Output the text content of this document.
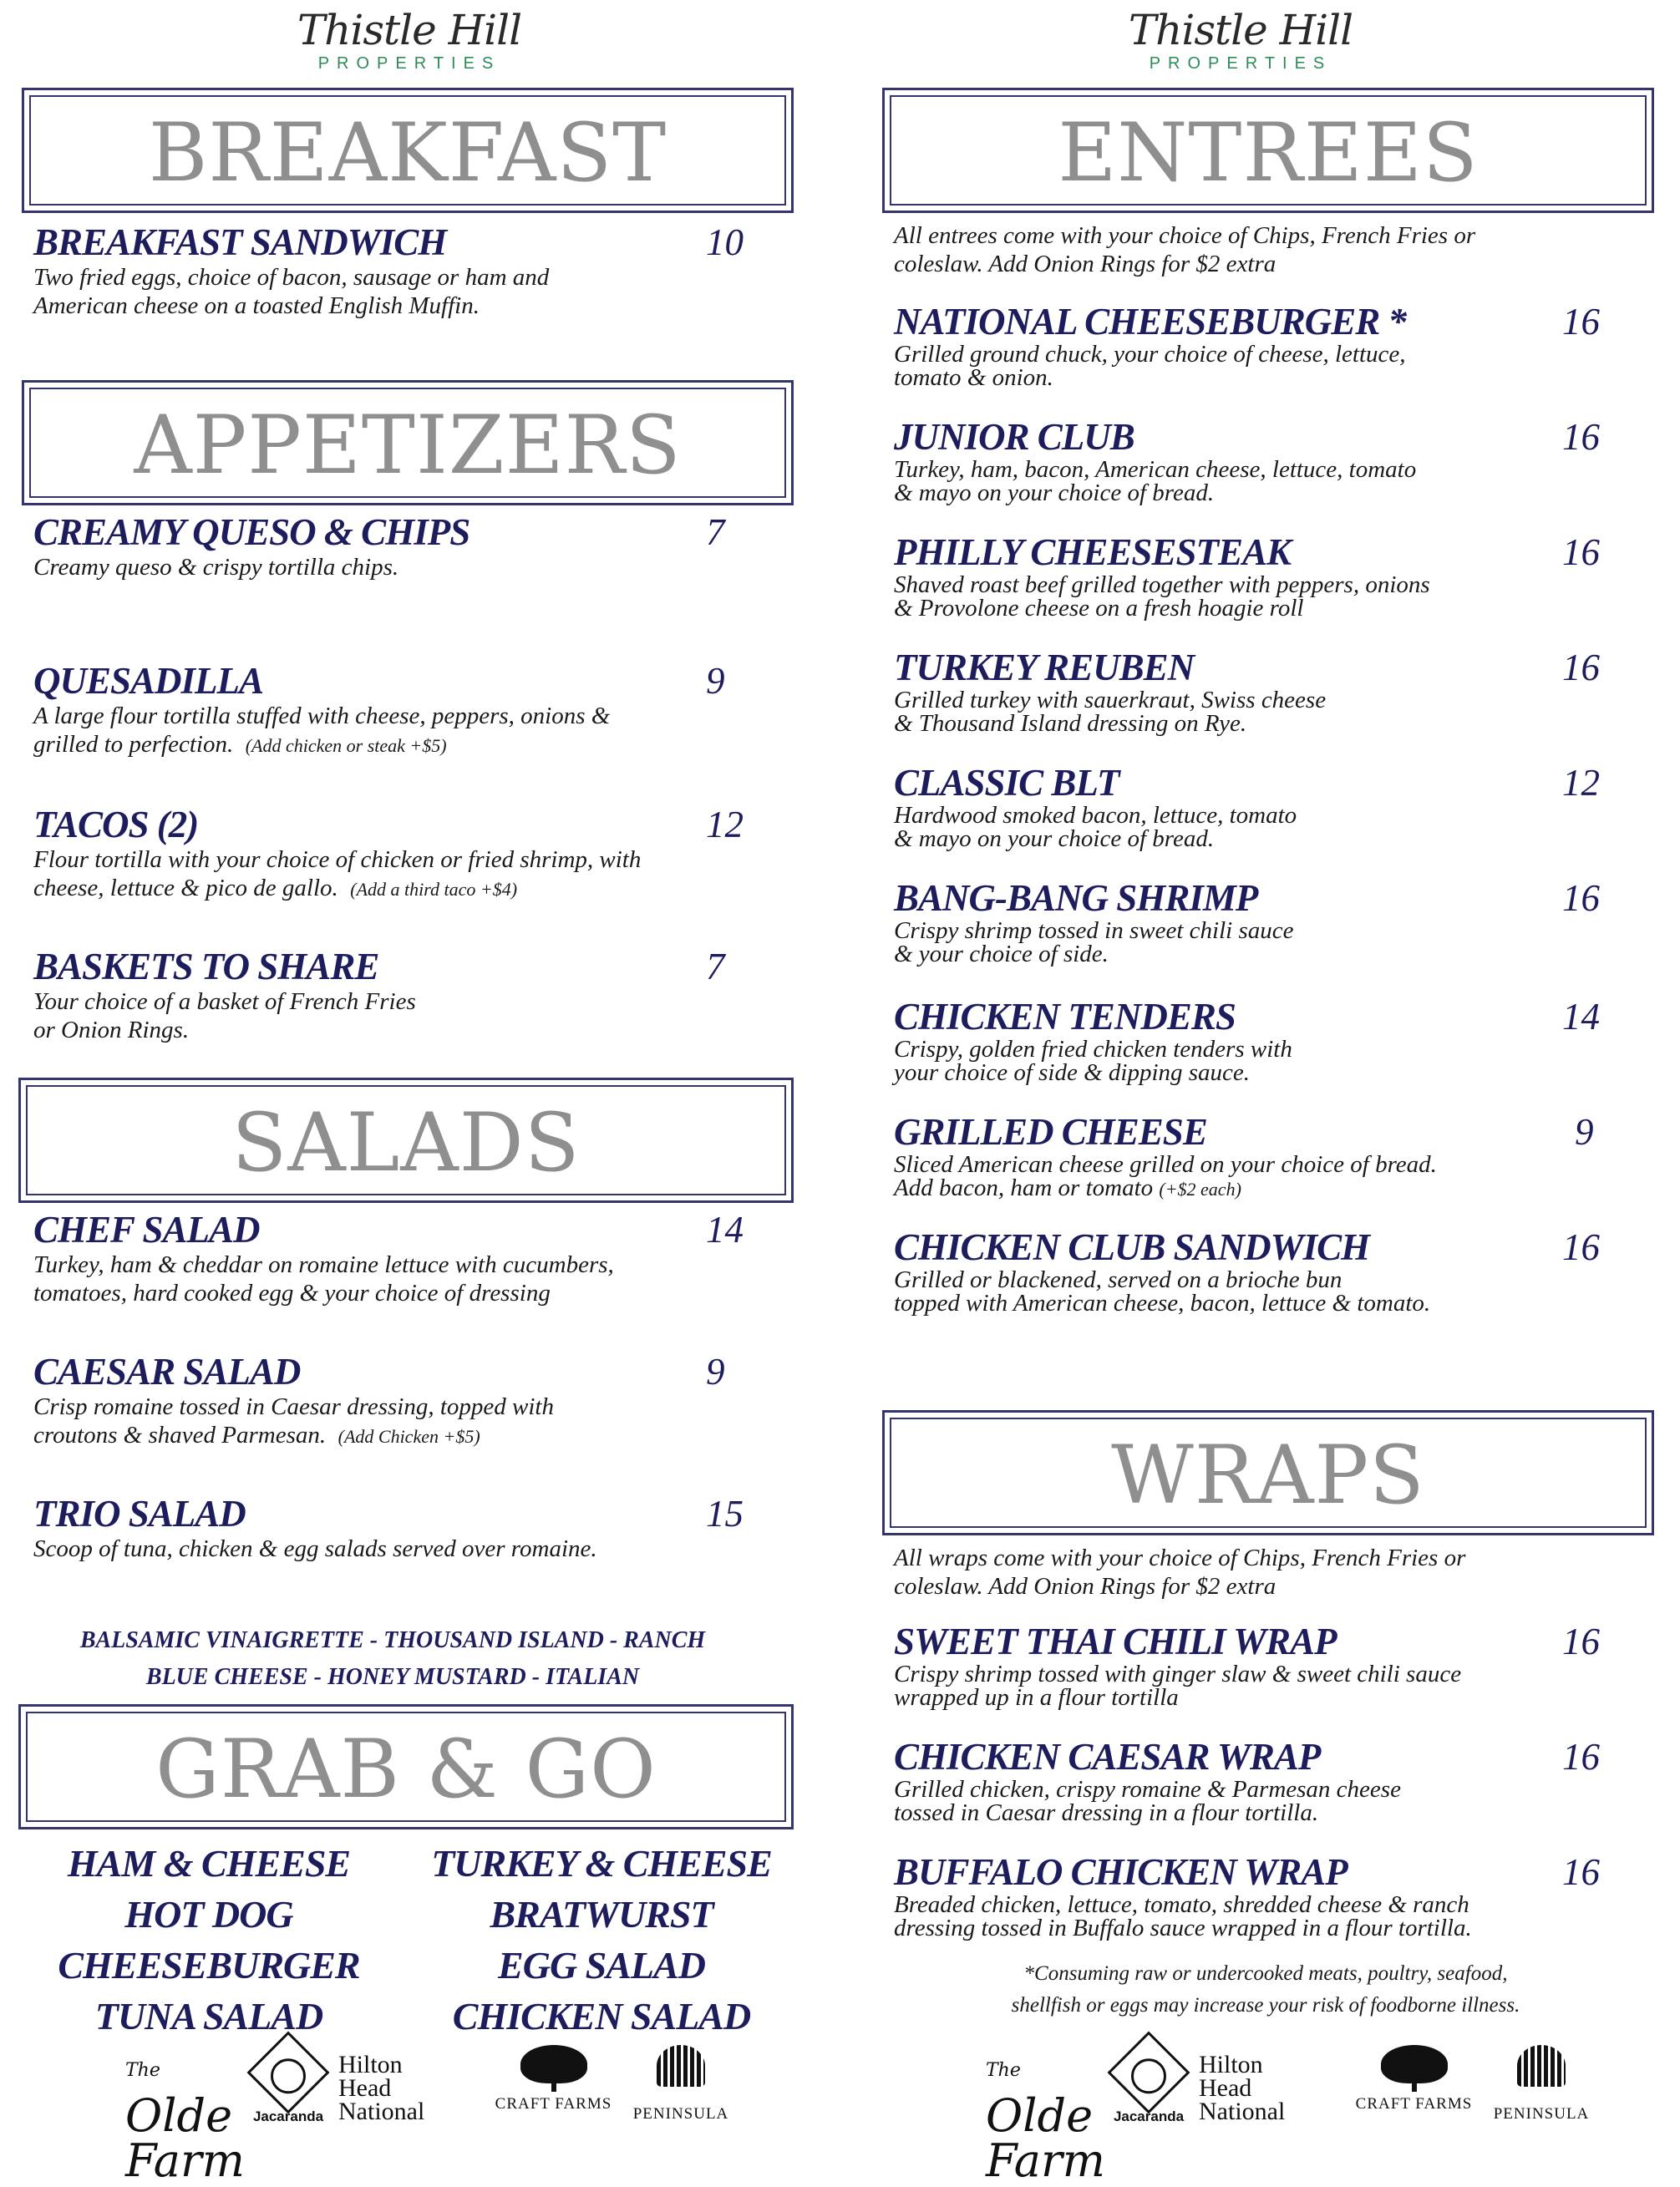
Thistle Hill
PROPERTIES
BREAKFAST
BREAKFAST SANDWICH	10
Two fried eggs, choice of bacon, sausage or ham and
American cheese on a toasted English Muffin.
APPETIZERS
CREAMY QUESO & CHIPS	7
Creamy queso & crispy tortilla chips.
QUESADILLA	9
A large flour tortilla stuffed with cheese, peppers, onions &
grilled to perfection. (Add chicken or steak +$5)
TACOS (2)	12
Flour tortilla with your choice of chicken or fried shrimp, with
cheese, lettuce & pico de gallo. (Add a third taco +$4)
BASKETS TO SHARE	7
Your choice of a basket of French Fries
or Onion Rings.
SALADS
CHEF SALAD	14
Turkey, ham & cheddar on romaine lettuce with cucumbers,
tomatoes, hard cooked egg & your choice of dressing
CAESAR SALAD	9
Crisp romaine tossed in Caesar dressing, topped with
croutons & shaved Parmesan. (Add Chicken +$5)
TRIO SALAD	15
Scoop of tuna, chicken & egg salads served over romaine.
BALSAMIC VINAIGRETTE - THOUSAND ISLAND - RANCH
BLUE CHEESE - HONEY MUSTARD - ITALIAN
GRAB & GO
HAM & CHEESE
HOT DOG
CHEESEBURGER
TUNA SALAD
TURKEY & CHEESE
BRATWURST
EGG SALAD
CHICKEN SALAD
The Olde Farm
Jacaranda
Hilton Head
National	CRAFT FARMS
PENINSULA
Thistle Hill
PROPERTIES
ENTREES
All entrees come with your choice of Chips, French Fries or
coleslaw. Add Onion Rings for $2 extra
NATIONAL CHEESEBURGER *	16
Grilled ground chuck, your choice of cheese, lettuce,
tomato & onion.
JUNIOR CLUB	16
Turkey, ham, bacon, American cheese, lettuce, tomato
& mayo on your choice of bread.
PHILLY CHEESESTEAK	16
Shaved roast beef grilled together with peppers, onions
& Provolone cheese on a fresh hoagie roll
TURKEY REUBEN	16
Grilled turkey with sauerkraut, Swiss cheese
& Thousand Island dressing on Rye.
CLASSIC BLT	12
Hardwood smoked bacon, lettuce, tomato
& mayo on your choice of bread.
BANG-BANG SHRIMP	16
Crispy shrimp tossed in sweet chili sauce
& your choice of side.
CHICKEN TENDERS	14
Crispy, golden fried chicken tenders with
your choice of side & dipping sauce.
GRILLED CHEESE	9
Sliced American cheese grilled on your choice of bread.
Add bacon, ham or tomato (+$2 each)
CHICKEN CLUB SANDWICH	16
Grilled or blackened, served on a brioche bun
topped with American cheese, bacon, lettuce & tomato.
WRAPS
All wraps come with your choice of Chips, French Fries or
coleslaw. Add Onion Rings for $2 extra
SWEET THAI CHILI WRAP	16
Crispy shrimp tossed with ginger slaw & sweet chili sauce
wrapped up in a flour tortilla
CHICKEN CAESAR WRAP	16
Grilled chicken, crispy romaine & Parmesan cheese
tossed in Caesar dressing in a flour tortilla.
BUFFALO CHICKEN WRAP	16
Breaded chicken, lettuce, tomato, shredded cheese & ranch
dressing tossed in Buffalo sauce wrapped in a flour tortilla.
*Consuming raw or undercooked meats, poultry, seafood,
shellfish or eggs may increase your risk of foodborne illness.
The Olde Farm
Jacaranda
Hilton Head
National	CRAFT FARMS
PENINSULA
